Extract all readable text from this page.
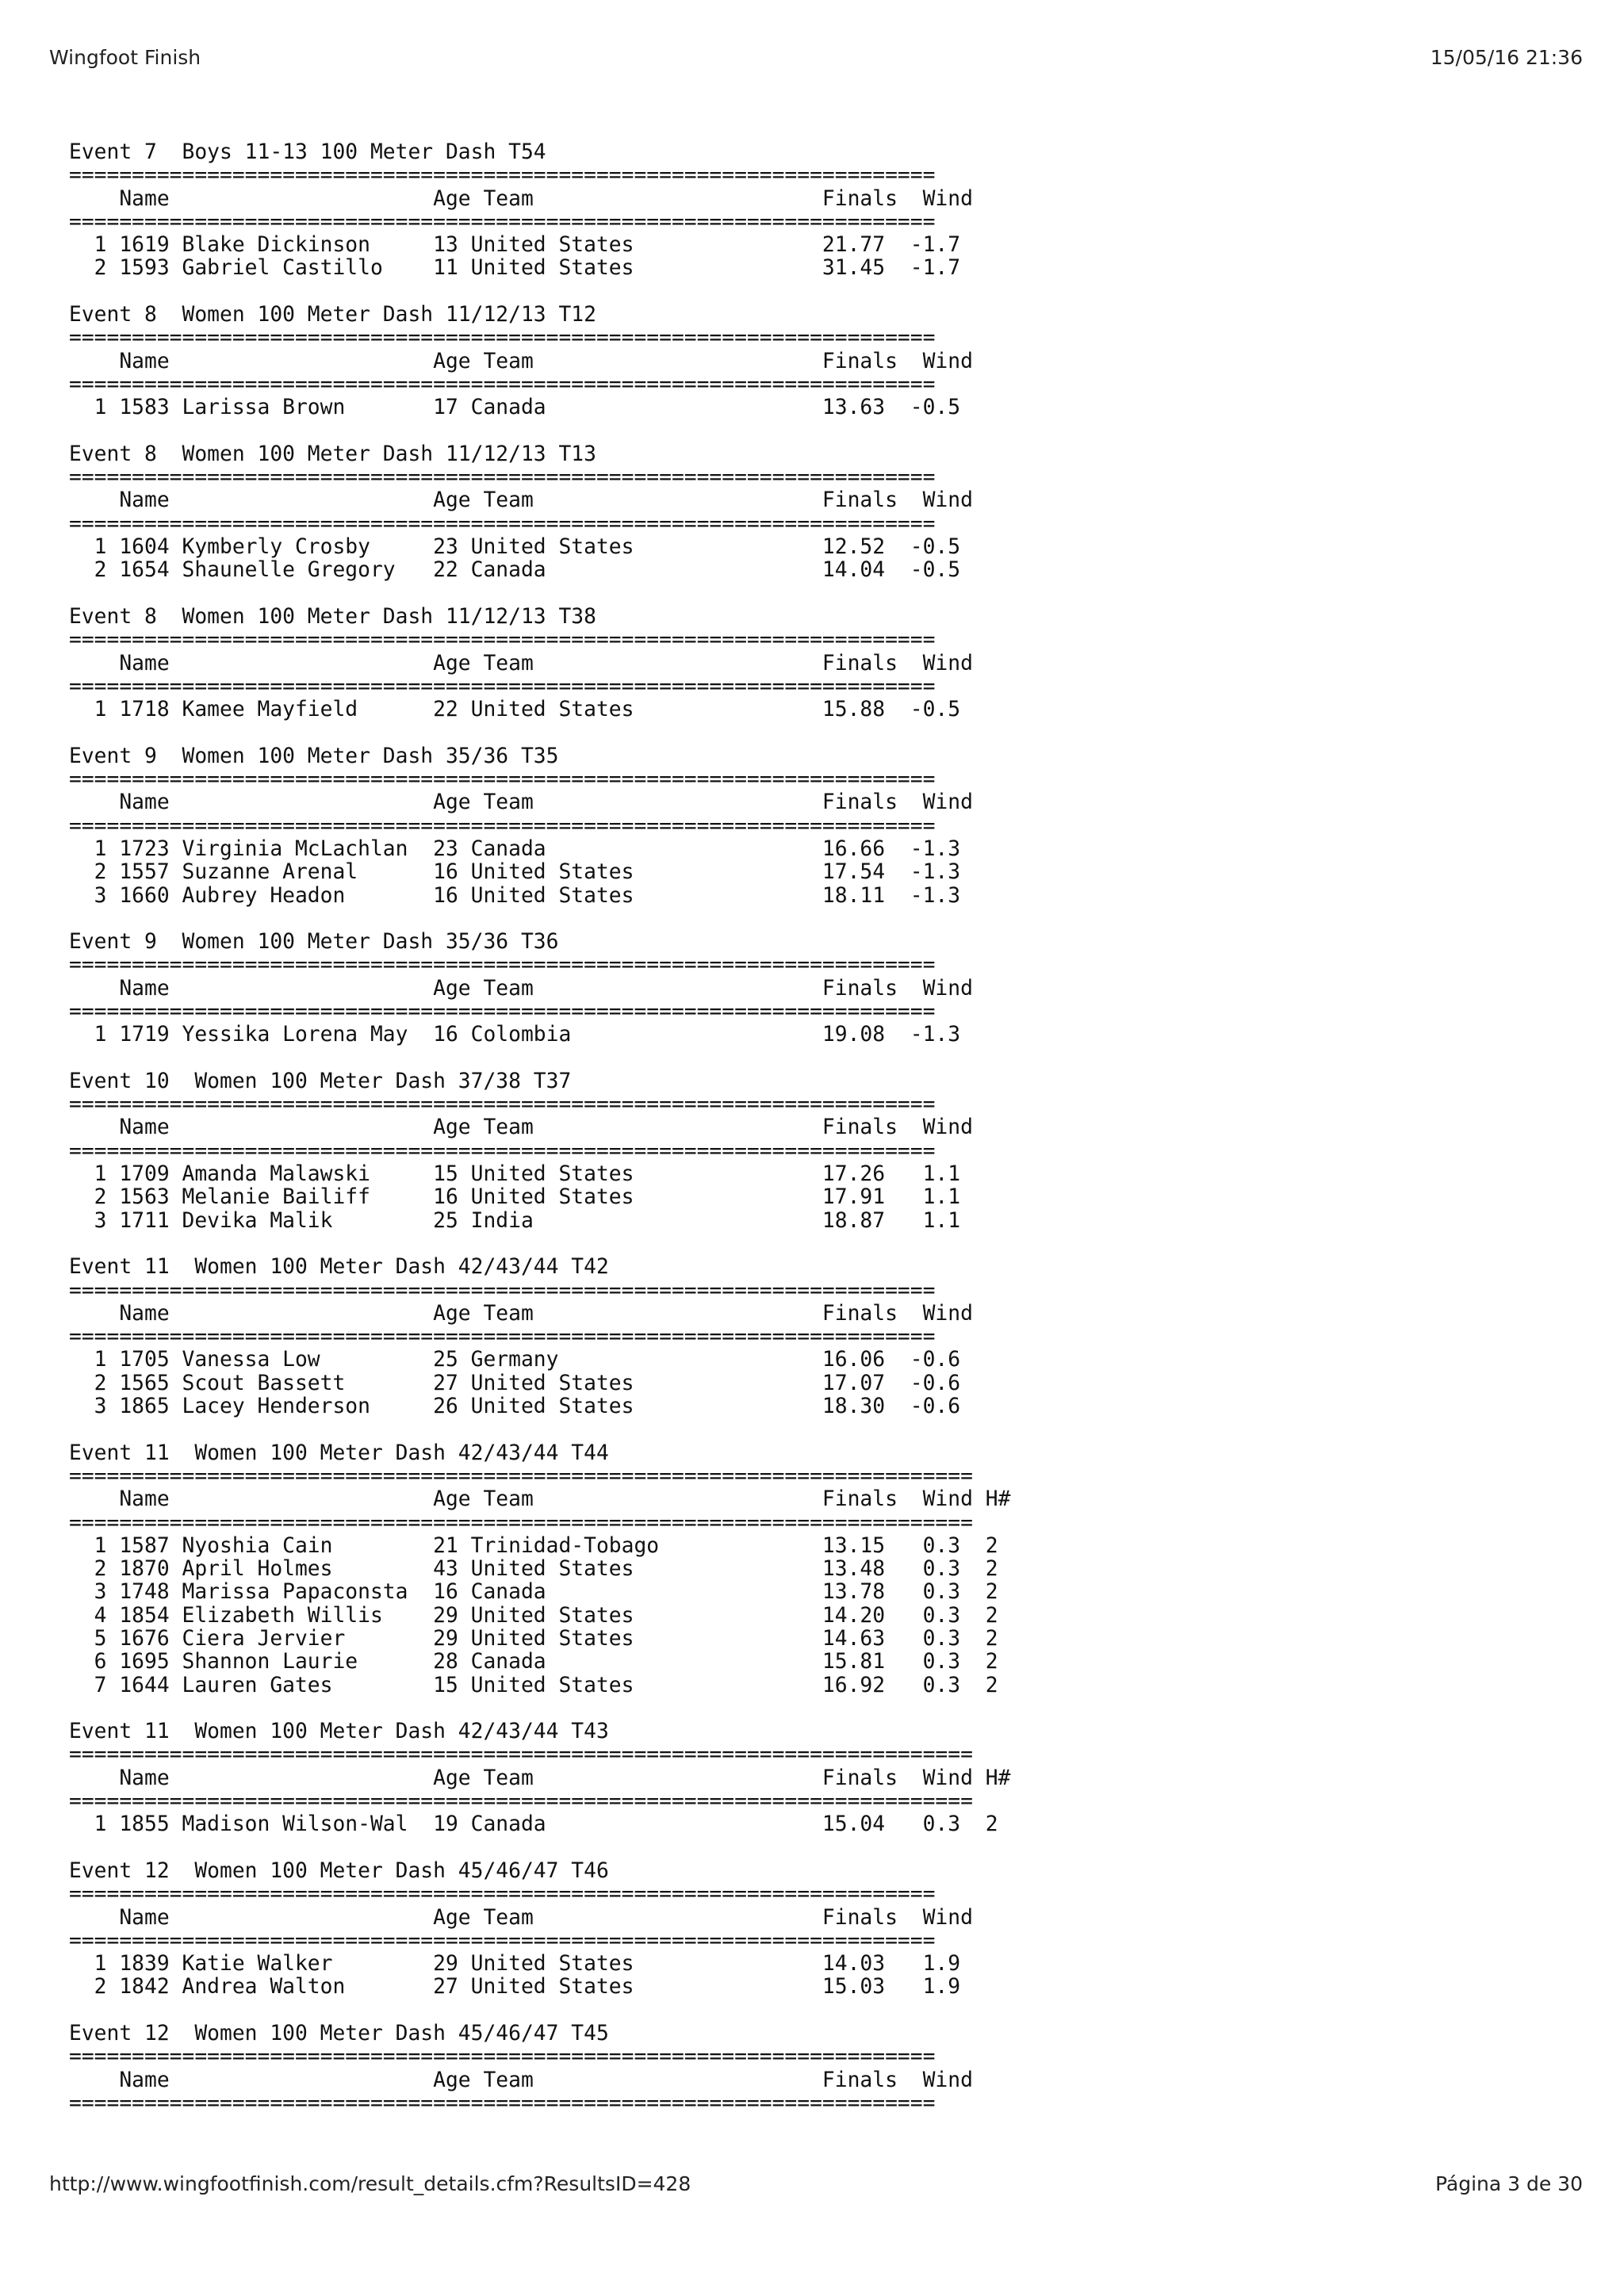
Wingfoot Finish	15/05/16 21:36
Event 7  Boys 11-13 100 Meter Dash T54
=====================================================================
Name                     Age Team                       Finals  Wind
=====================================================================
1 1619 Blake Dickinson     13 United States               21.77  -1.7
2 1593 Gabriel Castillo    11 United States               31.45  -1.7
Event 8  Women 100 Meter Dash 11/12/13 T12
=====================================================================
Name                     Age Team                       Finals  Wind
=====================================================================
1 1583 Larissa Brown       17 Canada                      13.63  -0.5
Event 8  Women 100 Meter Dash 11/12/13 T13
=====================================================================
Name                     Age Team                       Finals  Wind
=====================================================================
1 1604 Kymberly Crosby     23 United States               12.52  -0.5
2 1654 Shaunelle Gregory   22 Canada                      14.04  -0.5
Event 8  Women 100 Meter Dash 11/12/13 T38
=====================================================================
Name                     Age Team                       Finals  Wind
=====================================================================
1 1718 Kamee Mayfield      22 United States               15.88  -0.5
Event 9  Women 100 Meter Dash 35/36 T35
=====================================================================
Name                     Age Team                       Finals  Wind
=====================================================================
1 1723 Virginia McLachlan  23 Canada                      16.66  -1.3
2 1557 Suzanne Arenal      16 United States               17.54  -1.3
3 1660 Aubrey Headon       16 United States               18.11  -1.3
Event 9  Women 100 Meter Dash 35/36 T36
=====================================================================
Name                     Age Team                       Finals  Wind
=====================================================================
1 1719 Yessika Lorena May  16 Colombia                    19.08  -1.3
Event 10  Women 100 Meter Dash 37/38 T37
=====================================================================
Name                     Age Team                       Finals  Wind
=====================================================================
1 1709 Amanda Malawski     15 United States               17.26   1.1
2 1563 Melanie Bailiff     16 United States               17.91   1.1
3 1711 Devika Malik        25 India                       18.87   1.1
Event 11  Women 100 Meter Dash 42/43/44 T42
=====================================================================
Name                     Age Team                       Finals  Wind
=====================================================================
1 1705 Vanessa Low         25 Germany                     16.06  -0.6
2 1565 Scout Bassett       27 United States               17.07  -0.6
3 1865 Lacey Henderson     26 United States               18.30  -0.6
Event 11  Women 100 Meter Dash 42/43/44 T44
========================================================================
Name                     Age Team                       Finals  Wind H#
========================================================================
1 1587 Nyoshia Cain        21 Trinidad-Tobago             13.15   0.3  2
2 1870 April Holmes        43 United States               13.48   0.3  2
3 1748 Marissa Papaconsta  16 Canada                      13.78   0.3  2
4 1854 Elizabeth Willis    29 United States               14.20   0.3  2
5 1676 Ciera Jervier       29 United States               14.63   0.3  2
6 1695 Shannon Laurie      28 Canada                      15.81   0.3  2
7 1644 Lauren Gates        15 United States               16.92   0.3  2
Event 11  Women 100 Meter Dash 42/43/44 T43
========================================================================
Name                     Age Team                       Finals  Wind H#
========================================================================
1 1855 Madison Wilson-Wal  19 Canada                      15.04   0.3  2
Event 12  Women 100 Meter Dash 45/46/47 T46
=====================================================================
Name                     Age Team                       Finals  Wind
=====================================================================
1 1839 Katie Walker        29 United States               14.03   1.9
2 1842 Andrea Walton       27 United States               15.03   1.9
Event 12  Women 100 Meter Dash 45/46/47 T45
=====================================================================
Name                     Age Team                       Finals  Wind
=====================================================================
http://www.wingfootfinish.com/result_details.cfm?ResultsID=428	Página 3 de 30
